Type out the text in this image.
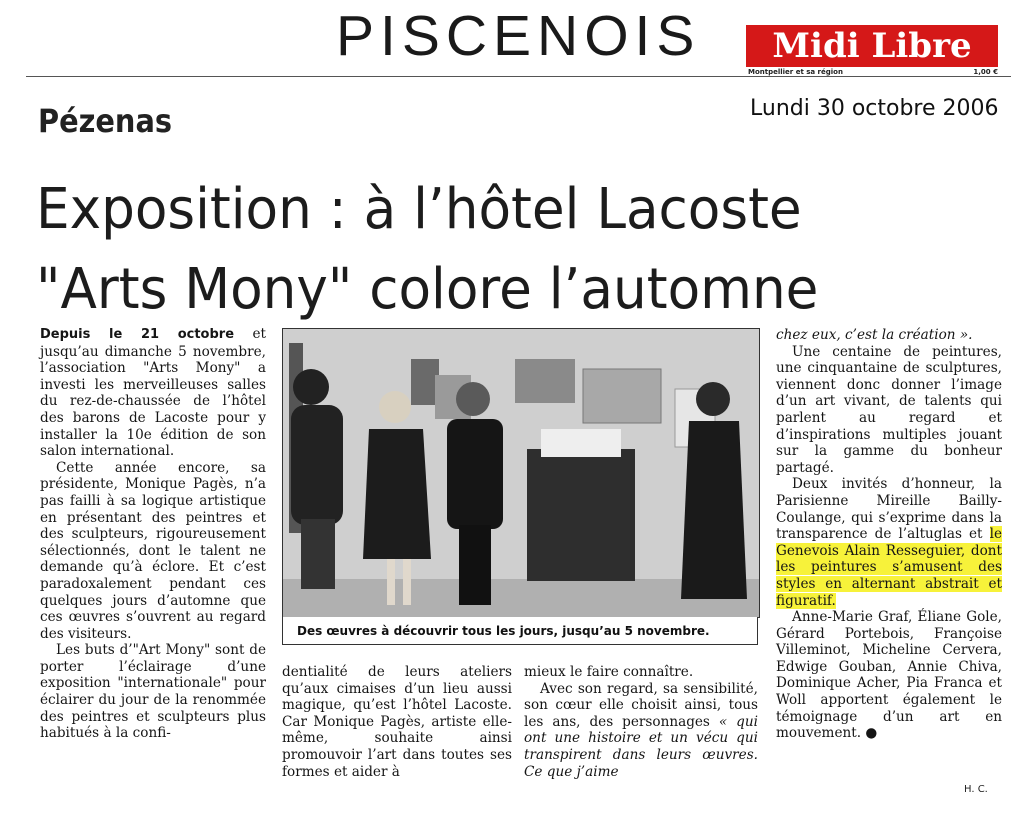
PISCENOIS Midi Libre
Montpellier et sa région	1,00 €
Lundi 30 octobre 2006
Pézenas
Exposition : à l’hôtel Lacoste
"Arts Mony" colore l’automne

Depuis le 21 octobre et jusqu’au dimanche 5 novembre, l’association "Arts Mony" a investi les merveilleuses salles du rez-de-chaussée de l’hôtel des barons de Lacoste pour y installer la 10e édition de son salon international.

Cette année encore, sa présidente, Monique Pagès, n’a pas failli à sa logique artistique en présentant des peintres et des sculpteurs, rigoureusement sélectionnés, dont le talent ne demande qu’à éclore. Et c’est paradoxalement pendant ces quelques jours d’automne que ces œuvres s’ouvrent au regard des visiteurs.

Les buts d’"Art Mony" sont de porter l’éclairage d’une exposition "internationale" pour éclairer du jour de la renommée des peintres et sculpteurs plus habitués à la confi-

Des œuvres à découvrir tous les jours, jusqu’au 5 novembre.

dentialité de leurs ateliers qu’aux cimaises d’un lieu aussi magique, qu’est l’hôtel Lacoste. Car Monique Pagès, artiste elle-même, souhaite ainsi promouvoir l’art dans toutes ses formes et aider à

mieux le faire connaître.

Avec son regard, sa sensibilité, son cœur elle choisit ainsi, tous les ans, des personnages « qui ont une histoire et un vécu qui transpirent dans leurs œuvres. Ce que j’aime

chez eux, c’est la création ».

Une centaine de peintures, une cinquantaine de sculptures, viennent donc donner l’image d’un art vivant, de talents qui parlent au regard et d’inspirations multiples jouant sur la gamme du bonheur partagé.

Deux invités d’honneur, la Parisienne Mireille Bailly-Coulange, qui s’exprime dans la transparence de l’altuglas et le Genevois Alain Resseguier, dont les peintures s’amusent des styles en alternant abstrait et figuratif.

Anne-Marie Graf, Éliane Gole, Gérard Portebois, Françoise Villeminot, Micheline Cervera, Edwige Gouban, Annie Chiva, Dominique Acher, Pia Franca et Woll apportent également le témoignage d’un art en mouvement. ●

H. C.
